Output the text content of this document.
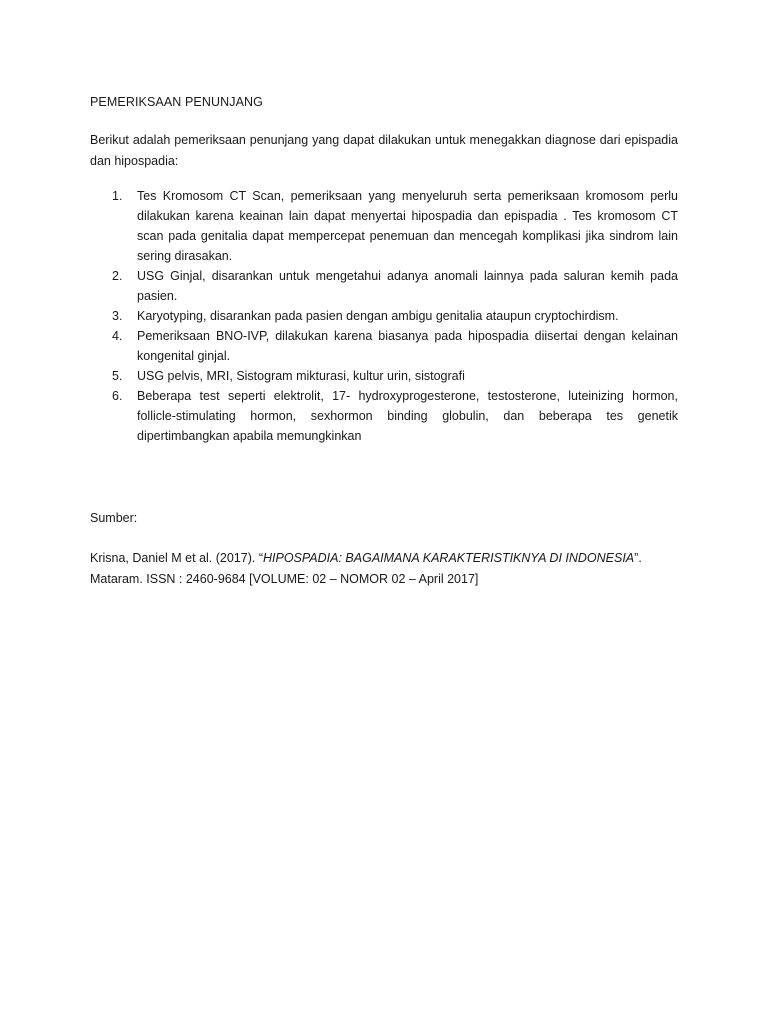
PEMERIKSAAN PENUNJANG
Berikut adalah pemeriksaan penunjang yang dapat dilakukan untuk menegakkan diagnose dari epispadia dan hipospadia:
1.	Tes Kromosom CT Scan, pemeriksaan yang menyeluruh serta pemeriksaan kromosom perlu dilakukan karena keainan lain dapat menyertai hipospadia dan epispadia . Tes kromosom CT scan pada genitalia dapat mempercepat penemuan dan mencegah komplikasi jika sindrom lain sering dirasakan.
2.	USG Ginjal, disarankan untuk mengetahui adanya anomali lainnya pada saluran kemih pada pasien.
3.	Karyotyping, disarankan pada pasien dengan ambigu genitalia ataupun cryptochirdism.
4.	Pemeriksaan BNO-IVP, dilakukan karena biasanya pada hipospadia diisertai dengan kelainan kongenital ginjal.
5.	USG pelvis, MRI, Sistogram mikturasi, kultur urin, sistografi
6.	Beberapa test seperti elektrolit, 17- hydroxyprogesterone, testosterone, luteinizing hormon, follicle-stimulating hormon, sexhormon binding globulin, dan beberapa tes genetik dipertimbangkan apabila memungkinkan
Sumber:

Krisna, Daniel M et al. (2017). “HIPOSPADIA: BAGAIMANA KARAKTERISTIKNYA DI INDONESIA”. Mataram. ISSN : 2460-9684 [VOLUME: 02 – NOMOR 02 – April 2017]
